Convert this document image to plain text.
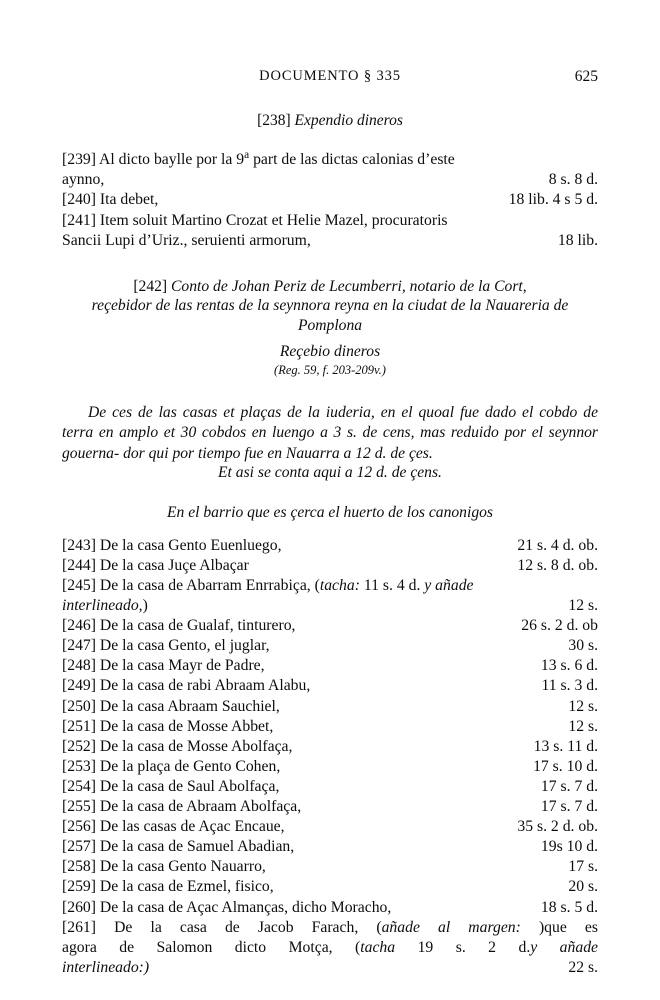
DOCUMENTO § 335	625
[238] Expendio dineros
[239] Al dicto baylle por la 9$^a$ part de las dictas calonias d’este
aynno,	8 s. 8 d.
[240] Ita debet,	18 lib. 4 s 5 d.
[241] Item soluit Martino Crozat et Helie Mazel, procuratoris
Sancii Lupi d’Uriz., seruienti armorum,	18 lib.
[242] Conto de Johan Periz de Lecumberri, notario de la Cort,
reçebidor de las rentas de la seynnora reyna en la ciudat de la Nauareria de
Pomplona
Reçebio dineros
(Reg. 59, f. 203-209v.)
De ces de las casas et plaças de la iuderia, en el quoal fue dado el cobdo de terra en amplo et 30 cobdos en luengo a 3 s. de cens, mas reduido por el seynnor gouerna- dor qui por tiempo fue en Nauarra a 12 d. de çes.
Et asi se conta aqui a 12 d. de çens.
En el barrio que es çerca el huerto de los canonigos
[243] De la casa Gento Euenluego,	21 s. 4 d. ob.
[244] De la casa Juçe Albaçar	12 s. 8 d. ob.
[245] De la casa de Abarram Enrrabiça, (tacha: 11 s. 4 d. y añade
interlineado,)	12 s.
[246] De la casa de Gualaf, tinturero,	26 s. 2 d. ob
[247] De la casa Gento, el juglar,	30 s.
[248] De la casa Mayr de Padre,	13 s. 6 d.
[249] De la casa de rabi Abraam Alabu,	11 s. 3 d.
[250] De la casa Abraam Sauchiel,	12 s.
[251] De la casa de Mosse Abbet,	12 s.
[252] De la casa de Mosse Abolfaça,	13 s. 11 d.
[253] De la plaça de Gento Cohen,	17 s. 10 d.
[254] De la casa de Saul Abolfaça,	17 s. 7 d.
[255] De la casa de Abraam Abolfaça,	17 s. 7 d.
[256] De las casas de Açac Encaue,	35 s. 2 d. ob.
[257] De la casa de Samuel Abadian,	19s 10 d.
[258] De la casa Gento Nauarro,	17 s.
[259] De la casa de Ezmel, fisico,	20 s.
[260] De la casa de Açac Almanças, dicho Moracho,	18 s. 5 d.
[261] De la casa de Jacob Farach, (añade al margen: )que es
agora de Salomon dicto Motça, (tacha 19 s. 2 d.y añade
interlineado:)	22 s.
